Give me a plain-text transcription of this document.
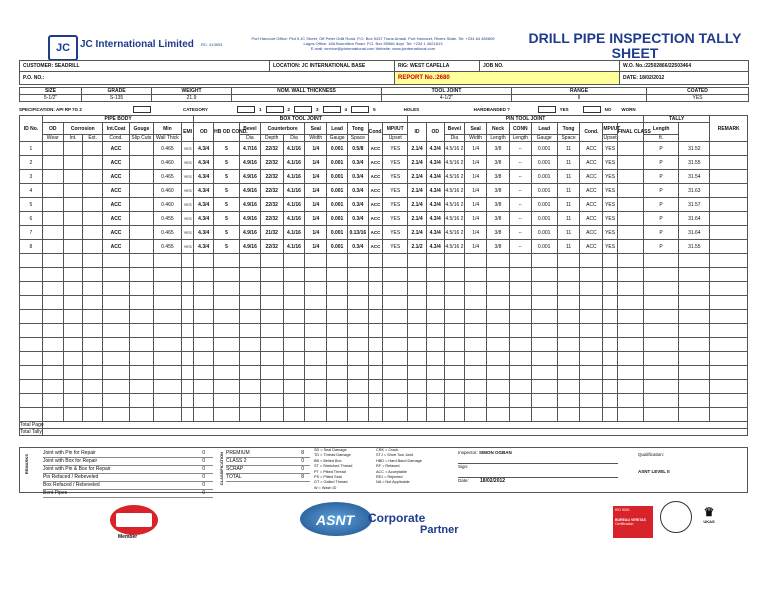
JC JC International Limited RC: 413593
Port Harcourt Office: Plot 5 JC Street, Off Peter Odili Road. P.O. Box 5437 Trans Amadi. Port Harcourt, Rivers State. Tel: +234 84 480809
Lagos Office: 18A Bourdillon Road. P.O. Box 55566 Ikoyi. Tel: +234 1 4621813
E-mail: service@jcinternational.com Website: www.jcinternational.com
DRILL PIPE INSPECTION TALLY SHEET
CUSTOMER: SEADRILL	LOCATION: JC INTERNATIONAL BASE	RIG: WEST CAPELLA	JOB NO.	W.O. No.:22502866/22503464
P.O. NO.:		REPORT No.:2680		DATE: 18/02/2012
SIZE	GRADE	WEIGHT	NOM. WALL THICKNESS	TOOL JOINT	RANGE	COATED
5-1/2"	S-135	21.9		4-1/2"	II	YES
SPECIFICATION: API RP 7G 2	CATEGORY	1	2	3	4	5	HOLES	HARDBANDED ?	YES	NO WORN
ID No.	PIPE BODY							BOX TOOL JOINT										PIN TOOL JOINT											TALLY		REMARK
	OD	Corrosion		Int.Coat	Gouge	Min	EMI	OD	HB OD COND.	Bevel	Counterbore		Seal	Lead	Tong	Cond.	MPI/UT	ID	OD	Bevel	Seal	Neck	CONN	Lead	Tong	Cond.	MPI/UT	FINAL CLASS	Length		
	Wear	Int.	Ext.	Cond.	Slip Cuts	Wall Thick				Dia	Depth	Dia	Width	Gauge	Space		Upset			Dia	Width	Length	Length	Gauge	Space		Upset		ft.		
1				ACC		0.465	YES	4.3/4	5	4.7/16	22/32	4.1/16	1/4	0.001	0.5/8	ACC	YES	2.1/4	4.3/4	4.5/16 2	1/4	3/8	--	0.001	11	ACC	YES		P	31.52	
2				ACC		0.460	YES	4.3/4	5	4.9/16	22/32	4.1/16	1/4	0.001	0.3/4	ACC	YES	2.1/4	4.3/4	4.5/16 2	1/4	3/8	--	0.001	11	ACC	YES		P	31.55	
3				ACC		0.465	YES	4.3/4	5	4.9/16	22/32	4.1/16	1/4	0.001	0.3/4	ACC	YES	2.1/4	4.3/4	4.5/16 2	1/4	3/8	--	0.001	11	ACC	YES		P	31.54	
4				ACC		0.460	YES	4.3/4	5	4.9/16	22/32	4.1/16	1/4	0.001	0.3/4	ACC	YES	2.1/4	4.3/4	4.5/16 2	1/4	3/8	--	0.001	11	ACC	YES		P	31.63	
5				ACC		0.460	YES	4.3/4	5	4.9/16	22/32	4.1/16	1/4	0.001	0.3/4	ACC	YES	2.1/4	4.3/4	4.5/16 2	1/4	3/8	--	0.001	11	ACC	YES		P	31.57	
6				ACC		0.455	YES	4.3/4	5	4.9/16	22/32	4.1/16	1/4	0.001	0.3/4	ACC	YES	2.1/4	4.3/4	4.5/16 2	1/4	3/8	--	0.001	11	ACC	YES		P	31.64	
7				ACC		0.465	YES	4.3/4	5	4.9/16	21/32	4.1/16	1/4	0.001	0.13/16	ACC	YES	2.1/4	4.3/4	4.5/16 2	1/4	3/8	--	0.001	11	ACC	YES		P	31.64	
8				ACC		0.455	YES	4.3/4	5	4.9/16	22/32	4.1/16	1/4	0.001	0.3/4	ACC	YES	2.1/2	4.3/4	4.5/16 2	1/4	3/8	--	0.001	11	ACC	YES		P	31.55	

Total Page																															
Total Tally																															
REMARKS
Joint with Pin for Repair	0
Joint with Box for Repair	0
Joint with Pin & Box for Repair	0
Pin Refaced / Rebeveled	0
Box Refaced / Rebeveled	0
Bent Pipes	0
CLASSIFICATION PREMIUM	8
CLASS 2	0
SCRAP	0
TOTAL	8
SD = Seal Damage
TD = Thread Damage
BB = Belled Box
ST = Stretched Thread
PT = Pitted Thread
PS = Pitted Seal
GT = Galled Thread
W = Wash ID
CRK = Crack
STJ = Short Tool Joint
HBD = Hard Band Damage
RF = Refaced
ACC = Acceptable
REJ = Rejected
NA = Not Applicable
Inspector: SIMON OGBAN
Sign:
Date: 18/02/2012
Qualification:
ASNT LEVEL II
Member
ASNT Corporate
Partner
ISO 9001
BUREAU VERITAS
Certification
♛
UKAS
